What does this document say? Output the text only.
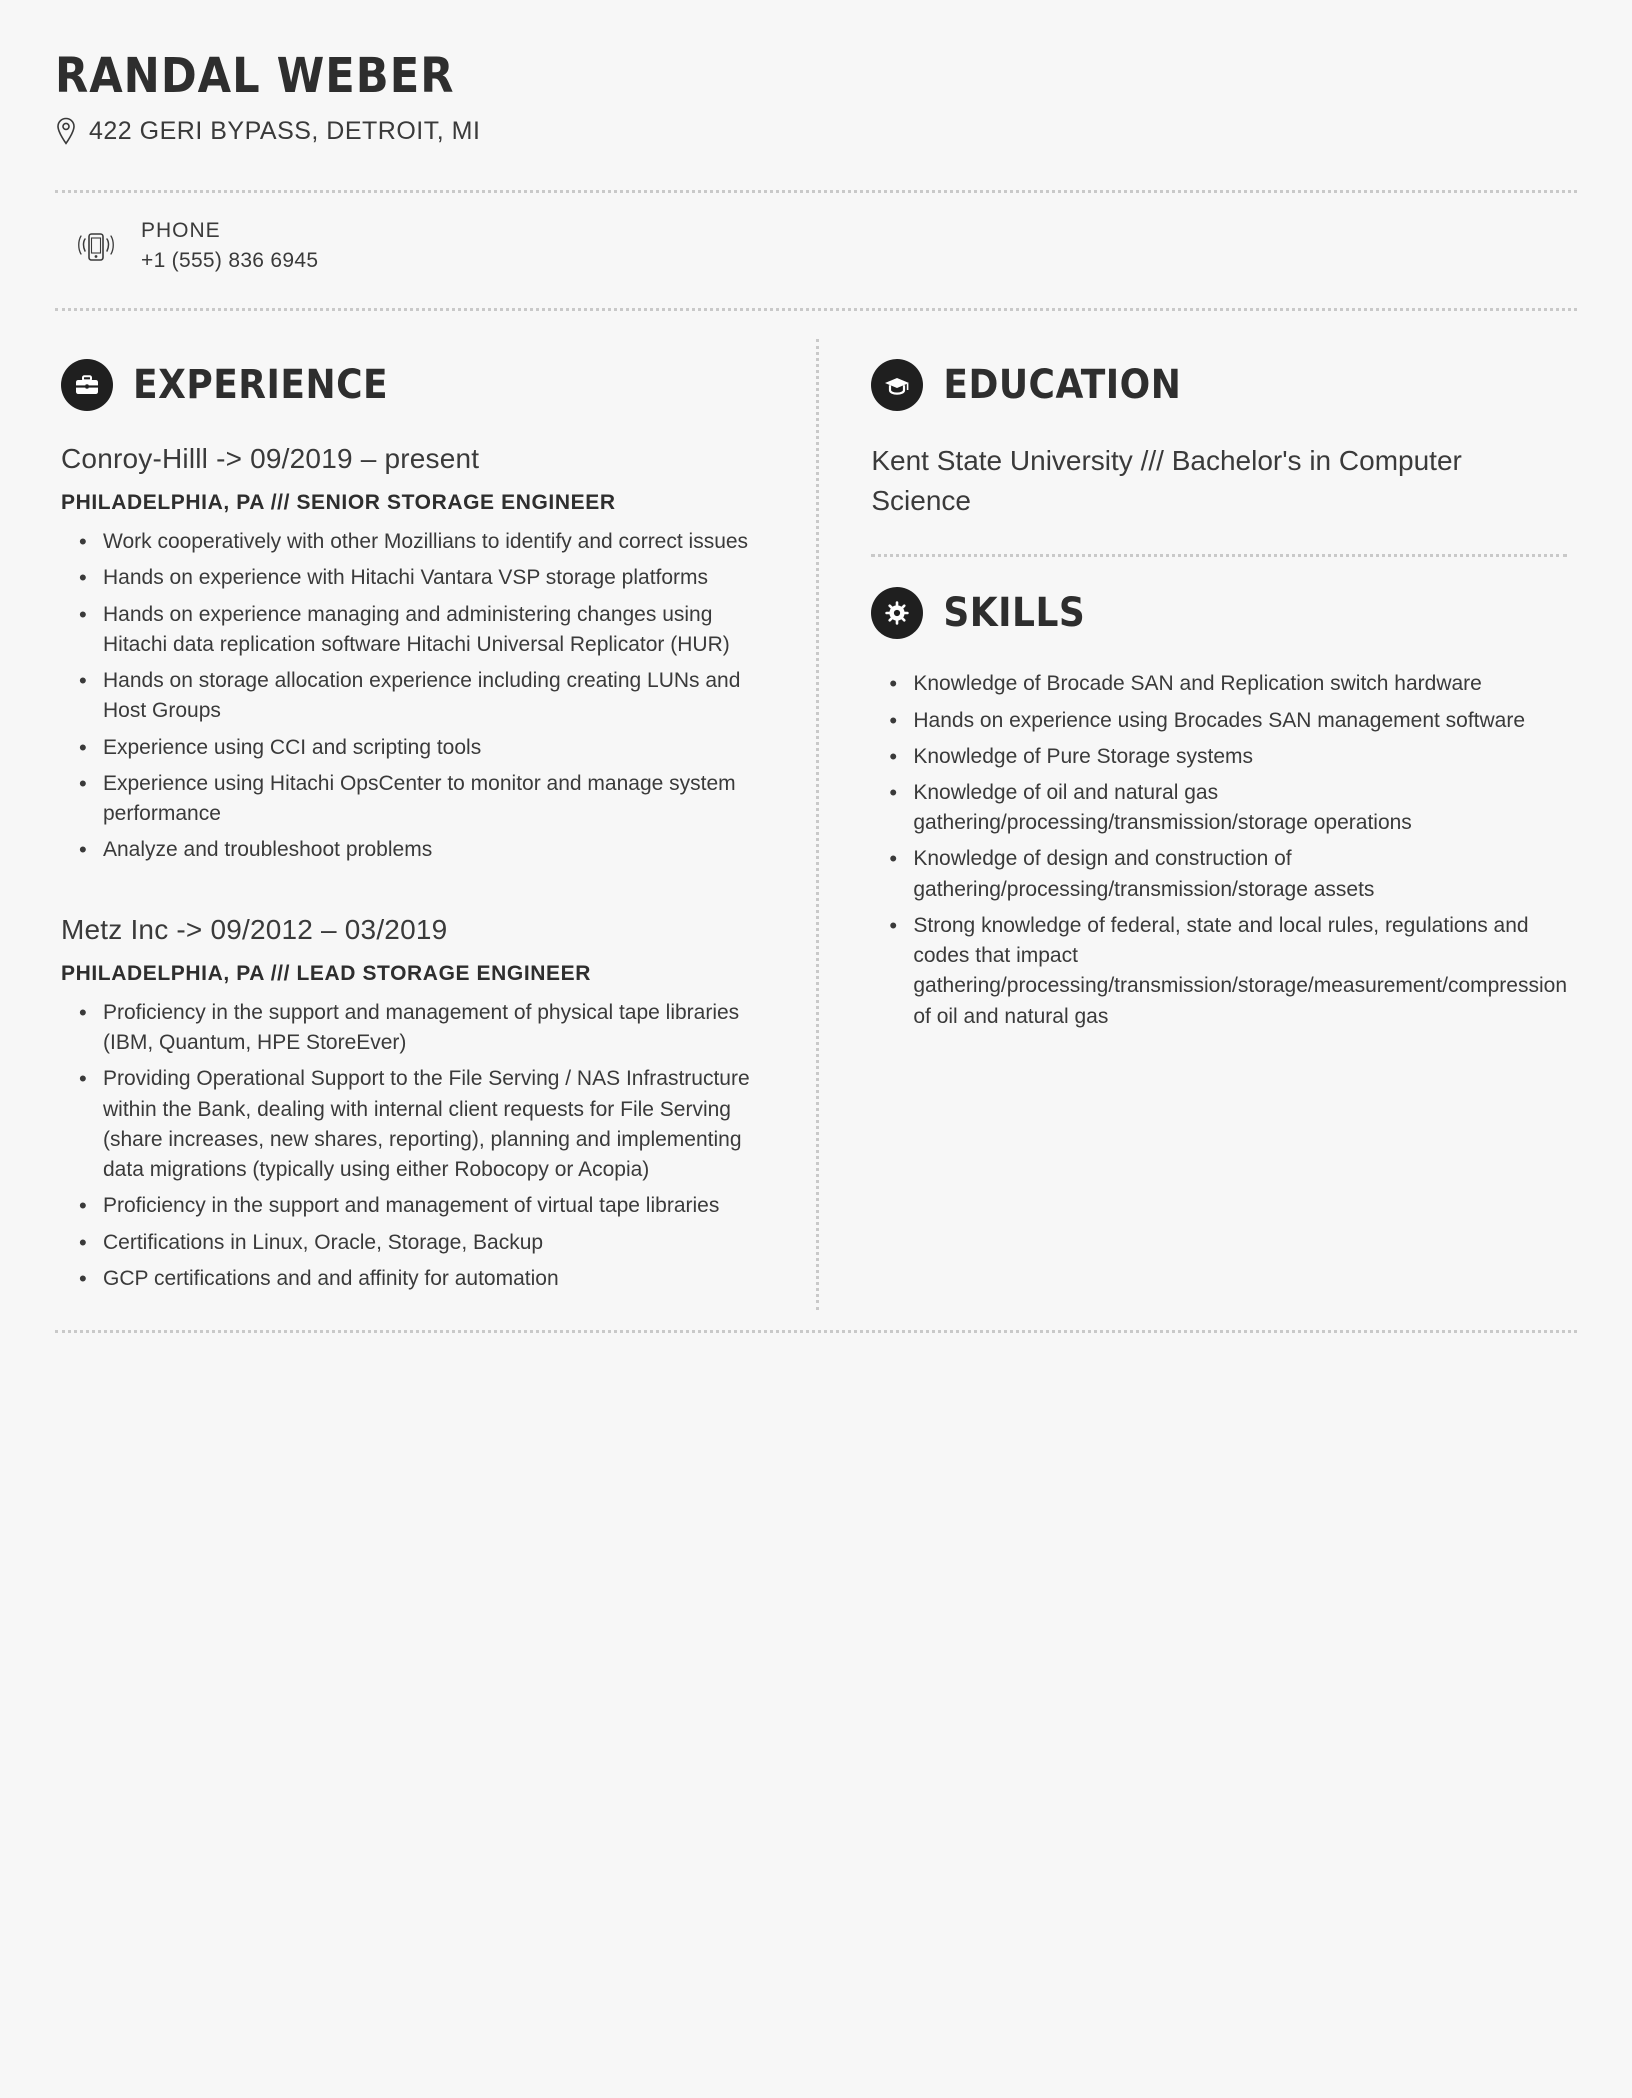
RANDAL WEBER
422 GERI BYPASS, DETROIT, MI
PHONE
+1 (555) 836 6945
EXPERIENCE
Conroy-Hilll -> 09/2019 – present
PHILADELPHIA, PA /// SENIOR STORAGE ENGINEER
• Work cooperatively with other Mozillians to identify and correct issues
• Hands on experience with Hitachi Vantara VSP storage platforms
• Hands on experience managing and administering changes using Hitachi data replication software Hitachi Universal Replicator (HUR)
• Hands on storage allocation experience including creating LUNs and Host Groups
• Experience using CCI and scripting tools
• Experience using Hitachi OpsCenter to monitor and manage system performance
• Analyze and troubleshoot problems
Metz Inc -> 09/2012 – 03/2019
PHILADELPHIA, PA /// LEAD STORAGE ENGINEER
• Proficiency in the support and management of physical tape libraries (IBM, Quantum, HPE StoreEver)
• Providing Operational Support to the File Serving / NAS Infrastructure within the Bank, dealing with internal client requests for File Serving (share increases, new shares, reporting), planning and implementing data migrations (typically using either Robocopy or Acopia)
• Proficiency in the support and management of virtual tape libraries
• Certifications in Linux, Oracle, Storage, Backup
• GCP certifications and and affinity for automation
EDUCATION

Kent State University /// Bachelor's in Computer Science

SKILLS
• Knowledge of Brocade SAN and Replication switch hardware
• Hands on experience using Brocades SAN management software
• Knowledge of Pure Storage systems
• Knowledge of oil and natural gas gathering/processing/transmission/storage operations
• Knowledge of design and construction of gathering/processing/transmission/storage assets
• Strong knowledge of federal, state and local rules, regulations and codes that impact gathering/processing/transmission/storage/measurement/compression of oil and natural gas
